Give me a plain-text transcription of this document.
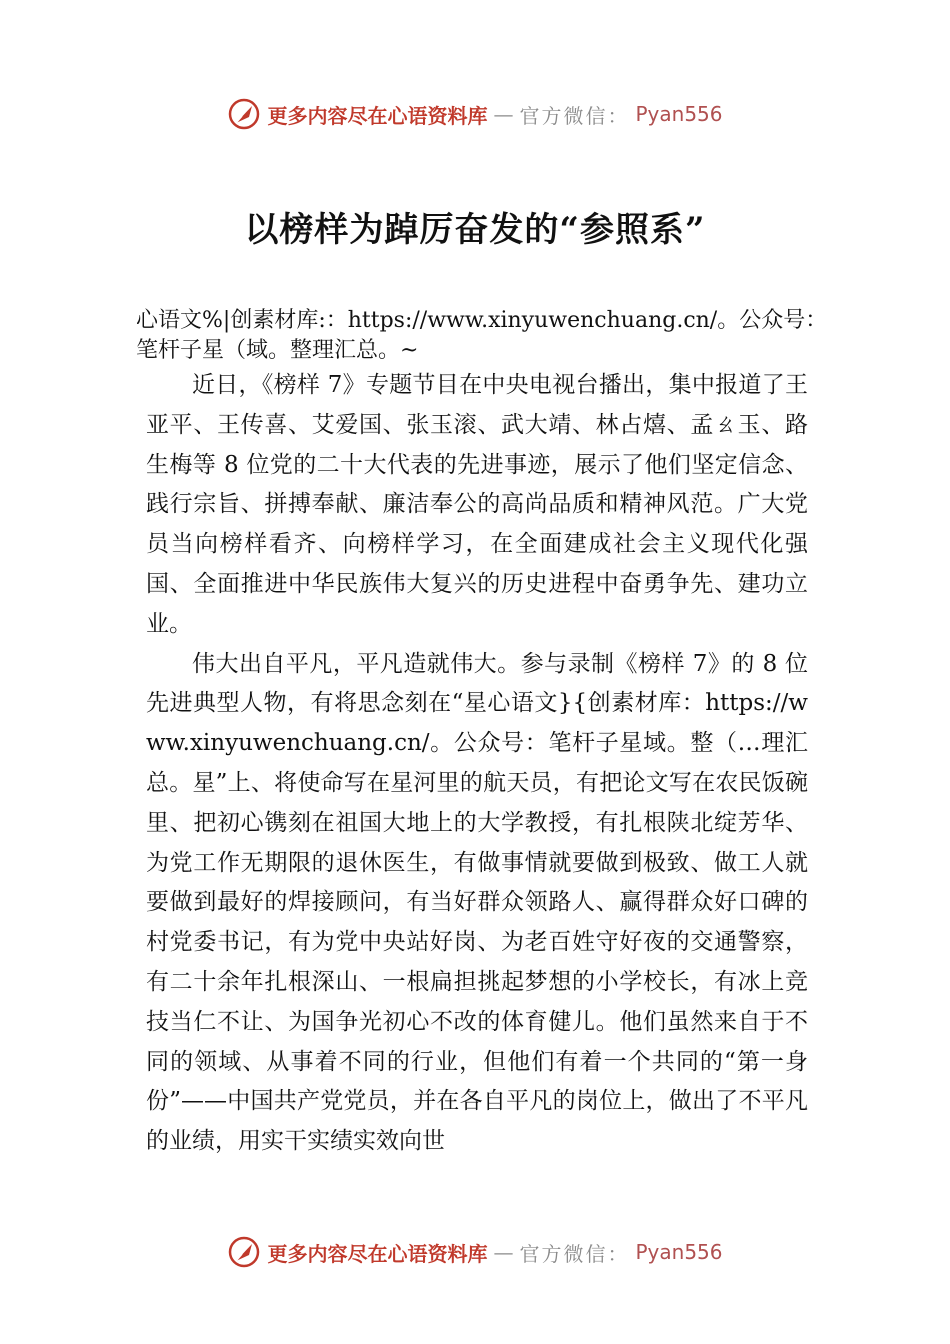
更多内容尽在心语资料库 — 官方微信： Pyan556
以榜样为踔厉奋发的“参照系”

心语文%|创素材库:：https://www.xinyuwenchuang.cn/。公众号：笔杆子星（域。整理汇总。~

近日，《榜样 7》专题节目在中央电视台播出，集中报道了王亚平、王传喜、艾爱国、张玉滚、武大靖、林占熺、孟ㄠ玉、路生梅等 8 位党的二十大代表的先进事迹，展示了他们坚定信念、践行宗旨、拼搏奉献、廉洁奉公的高尚品质和精神风范。广大党员当向榜样看齐、向榜样学习，在全面建成社会主义现代化强国、全面推进中华民族伟大复兴的历史进程中奋勇争先、建功立业。

伟大出自平凡，平凡造就伟大。参与录制《榜样 7》的 8 位先进典型人物，有将思念刻在“星心语文}{创素材库：https://www.xinyuwenchuang.cn/。公众号：笔杆子星域。整（…理汇总。星”上、将使命写在星河里的航天员，有把论文写在农民饭碗里、把初心镌刻在祖国大地上的大学教授，有扎根陕北绽芳华、为党工作无期限的退休医生，有做事情就要做到极致、做工人就要做到最好的焊接顾问，有当好群众领路人、赢得群众好口碑的村党委书记，有为党中央站好岗、为老百姓守好夜的交通警察，有二十余年扎根深山、一根扁担挑起梦想的小学校长，有冰上竞技当仁不让、为国争光初心不改的体育健儿。他们虽然来自于不同的领域、从事着不同的行业，但他们有着一个共同的“第一身份”——中国共产党党员，并在各自平凡的岗位上，做出了不平凡的业绩，用实干实绩实效向世

更多内容尽在心语资料库 — 官方微信： Pyan556
